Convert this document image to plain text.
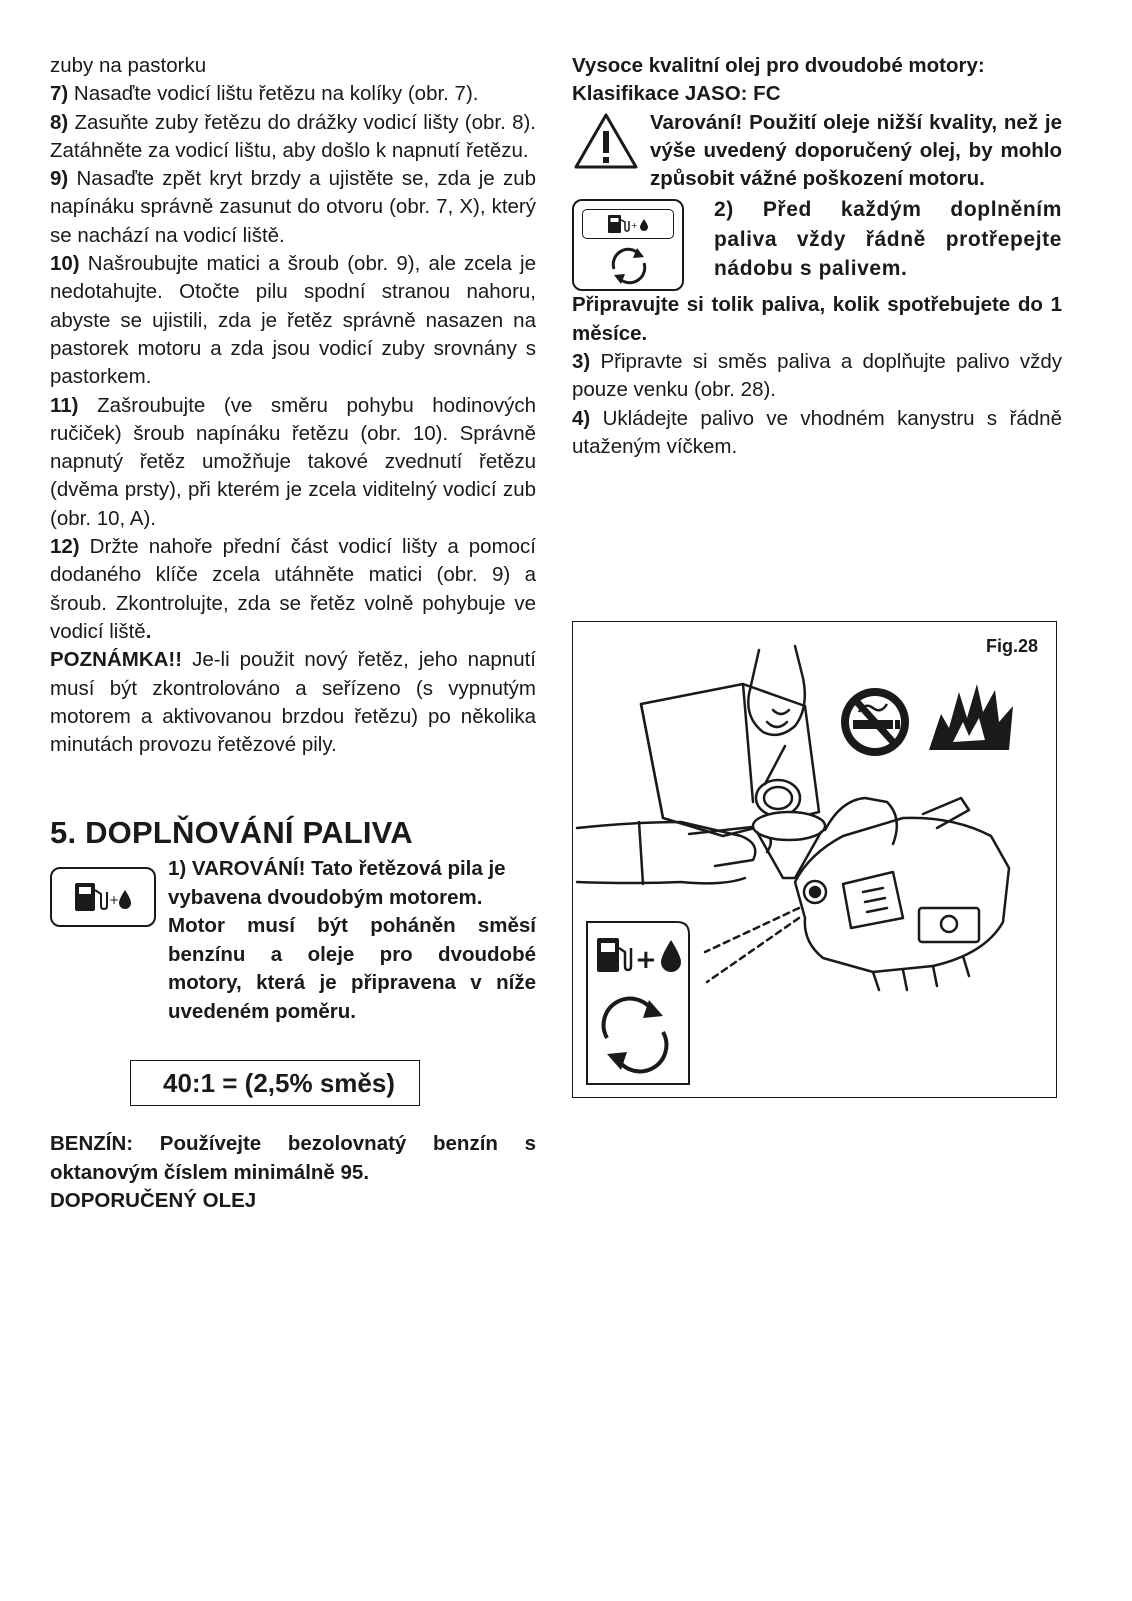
zuby na pastorku

7) Nasaďte vodicí lištu řetězu na kolíky (obr. 7).

8) Zasuňte zuby řetězu do drážky vodicí lišty (obr. 8). Zatáhněte za vodicí lištu, aby došlo k napnutí řetězu.

9) Nasaďte zpět kryt brzdy a ujistěte se, zda je zub napínáku správně zasunut do otvoru (obr. 7, X), který se nachází na vodicí liště.

10) Našroubujte matici a šroub (obr. 9), ale zcela je nedotahujte. Otočte pilu spodní stranou nahoru, abyste se ujistili, zda je řetěz správně nasazen na pastorek motoru a zda jsou vodicí zuby srovnány s pastorkem.

11) Zašroubujte (ve směru pohybu hodinových ručiček) šroub napínáku řetězu (obr. 10). Správně napnutý řetěz umožňuje takové zvednutí řetězu (dvěma prsty), při kterém je zcela viditelný vodicí zub (obr. 10, A).

12) Držte nahoře přední část vodicí lišty a pomocí dodaného klíče zcela utáhněte matici (obr. 9) a šroub. Zkontrolujte, zda se řetěz volně pohybuje ve vodicí liště.

POZNÁMKA!! Je-li použit nový řetěz, jeho napnutí musí být zkontrolováno a seřízeno (s vypnutým motorem a aktivovanou brzdou řetězu) po několika minutách provozu řetězové pily.

5. DOPLŇOVÁNÍ PALIVA
+

1) VAROVÁNÍ! Tato řetězová pila je vybavena dvoudobým motorem.

Motor musí být poháněn směsí benzínu a oleje pro dvoudobé motory, která je připravena v níže uvedeném poměru.

40:1 = (2,5% směs)

BENZÍN: Používejte bezolovnatý benzín s oktanovým číslem minimálně 95.

DOPORUČENÝ OLEJ

Vysoce kvalitní olej pro dvoudobé motory:

Klasifikace JASO: FC

Varování! Použití oleje nižší kvality, než je výše uvedený doporučený olej, by mohlo způsobit vážné poškození motoru.

+

2) Před každým doplněním paliva vždy řádně protřepejte nádobu s palivem.

Připravujte si tolik paliva, kolik spotřebujete do 1 měsíce.

3) Připravte si směs paliva a doplňujte palivo vždy pouze venku (obr. 28).

4) Ukládejte palivo ve vhodném kanystru s řádně utaženým víčkem.

Fig.28
+
